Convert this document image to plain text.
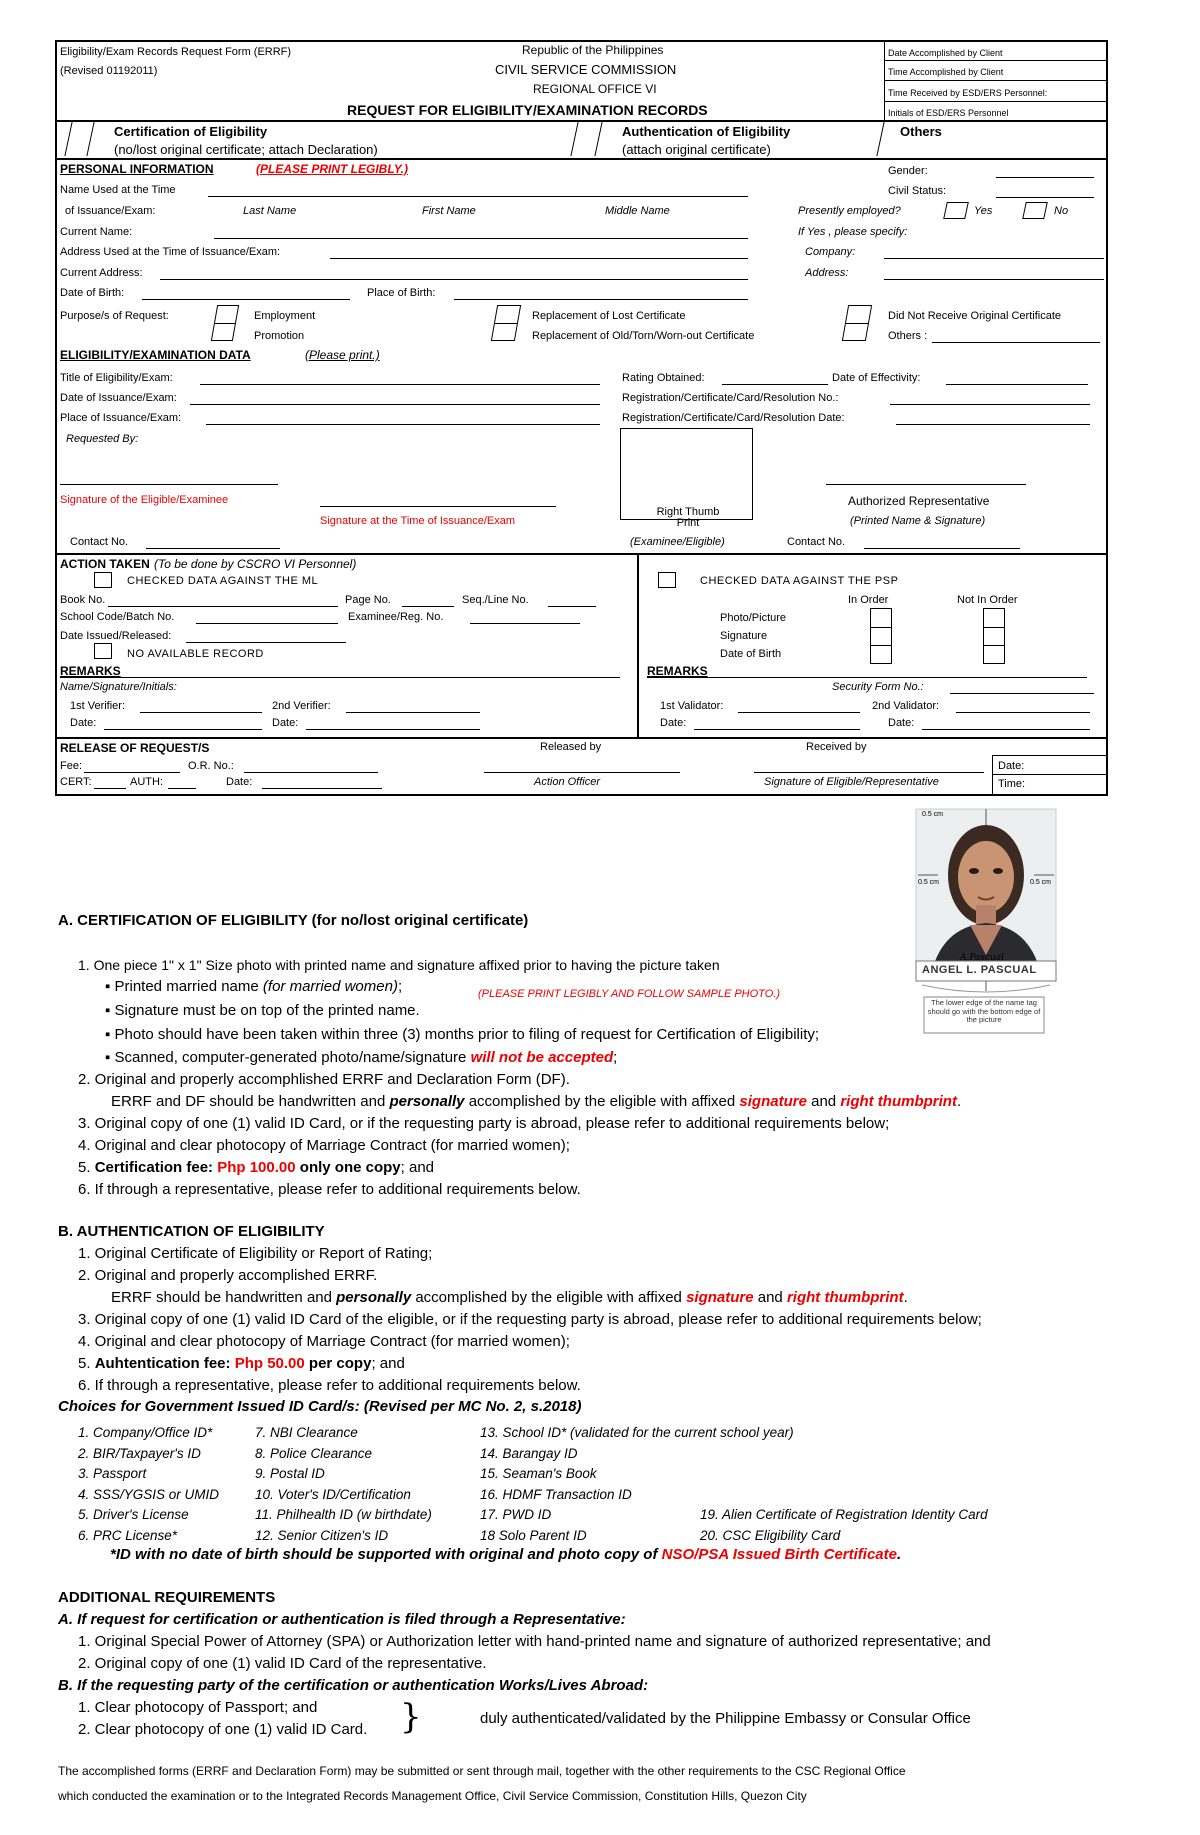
Eligibility/Exam Records Request Form (ERRF)
(Revised 01192011)
Republic of the Philippines
CIVIL SERVICE COMMISSION
REGIONAL OFFICE VI
REQUEST FOR ELIGIBILITY/EXAMINATION RECORDS
Date Accomplished by Client
Time Accomplished by Client
Time Received by ESD/ERS Personnel:
Initials of ESD/ERS Personnel
Certification of Eligibility
(no/lost original certificate; attach Declaration)
Authentication of Eligibility
(attach original certificate)
Others
PERSONAL INFORMATION	(PLEASE PRINT LEGIBLY.)
Name Used at the Time
of Issuance/Exam:	Last Name	First Name	Middle Name
Current Name:
Address Used at the Time of Issuance/Exam:
Current Address:
Date of Birth:	Place of Birth:
Gender:
Civil Status:
Presently employed?	Yes	No
If Yes , please specify:
Company:
Address:
Purpose/s of Request:	Employment
Promotion
Replacement of Lost Certificate
Replacement of Old/Torn/Worn-out Certificate
Did Not Receive Original Certificate
Others :
ELIGIBILITY/EXAMINATION DATA	(Please print.)
Title of Eligibility/Exam:
Date of Issuance/Exam:
Place of Issuance/Exam:
Rating Obtained:	Date of Effectivity:
Registration/Certificate/Card/Resolution No.:
Registration/Certificate/Card/Resolution Date:
Requested By:
Signature of the Eligible/Examinee
Signature at the Time of Issuance/Exam
Right Thumb Print
(Examinee/Eligible)
Authorized Representative
(Printed Name & Signature)
Contact No.	Contact No.
ACTION TAKEN (To be done by CSCRO VI Personnel)
CHECKED DATA AGAINST THE ML
Book No.	Page No.	Seq./Line No.
School Code/Batch No.	Examinee/Reg. No.
Date Issued/Released:
NO AVAILABLE RECORD
REMARKS
Name/Signature/Initials:
1st Verifier:	2nd Verifier:
Date:	Date:
CHECKED DATA AGAINST THE PSP
In Order	Not In Order
Photo/Picture
Signature
Date of Birth
REMARKS
Security Form No.:
1st Validator:	2nd Validator:
Date:	Date:
RELEASE OF REQUEST/S	Released by	Received by
Fee:	O.R. No.:
CERT:	AUTH:	Date:	Action Officer	Signature of Eligible/Representative
Date:
Time:
0.5 cm
0.5 cm	0.5 cm
A.Pascual
ANGEL L. PASCUAL
The lower edge of the name tag should go with the bottom edge of the picture
A. CERTIFICATION OF ELIGIBILITY (for no/lost original certificate)
1. One piece 1" x 1" Size photo with printed name and signature affixed prior to having the picture taken
▪ Printed married name (for married women);	(PLEASE PRINT LEGIBLY AND FOLLOW SAMPLE PHOTO.)
▪ Signature must be on top of the printed name.
▪ Photo should have been taken within three (3) months prior to filing of request for Certification of Eligibility;
▪ Scanned, computer-generated photo/name/signature will not be accepted;
2. Original and properly accomphlished ERRF and Declaration Form (DF).
ERRF and DF should be handwritten and personally accomplished by the eligible with affixed signature and right thumbprint.
3. Original copy of one (1) valid ID Card, or if the requesting party is abroad, please refer to additional requirements below;
4. Original and clear photocopy of Marriage Contract (for married women);
5. Certification fee: Php 100.00 only one copy; and
6. If through a representative, please refer to additional requirements below.
B. AUTHENTICATION OF ELIGIBILITY
1. Original Certificate of Eligibility or Report of Rating;
2. Original and properly accomplished ERRF.
ERRF should be handwritten and personally accomplished by the eligible with affixed signature and right thumbprint.
3. Original copy of one (1) valid ID Card of the eligible, or if the requesting party is abroad, please refer to additional requirements below;
4. Original and clear photocopy of Marriage Contract (for married women);
5. Auhtentication fee: Php 50.00 per copy; and
6. If through a representative, please refer to additional requirements below.
Choices for Government Issued ID Card/s: (Revised per MC No. 2, s.2018)
1. Company/Office ID*
2. BIR/Taxpayer's ID
3. Passport
4. SSS/YGSIS or UMID
5. Driver's License
6. PRC License*
7. NBI Clearance
8. Police Clearance
9. Postal ID
10. Voter's ID/Certification
11. Philhealth ID (w birthdate)
12. Senior Citizen's ID
13. School ID* (validated for the current school year)
14. Barangay ID
15. Seaman's Book
16. HDMF Transaction ID
17. PWD ID
18 Solo Parent ID
19. Alien Certificate of Registration Identity Card
20. CSC Eligibility Card
*ID with no date of birth should be supported with original and photo copy of NSO/PSA Issued Birth Certificate.
ADDITIONAL REQUIREMENTS
A. If request for certification or authentication is filed through a Representative:
1. Original Special Power of Attorney (SPA) or Authorization letter with hand-printed name and signature of authorized representative; and
2. Original copy of one (1) valid ID Card of the representative.
B. If the requesting party of the certification or authentication Works/Lives Abroad:
1. Clear photocopy of Passport; and
2. Clear photocopy of one (1) valid ID Card. }	duly authenticated/validated by the Philippine Embassy or Consular Office
The accomplished forms (ERRF and Declaration Form) may be submitted or sent through mail, together with the other requirements to the CSC Regional Office
which conducted the examination or to the Integrated Records Management Office, Civil Service Commission, Constitution Hills, Quezon City
